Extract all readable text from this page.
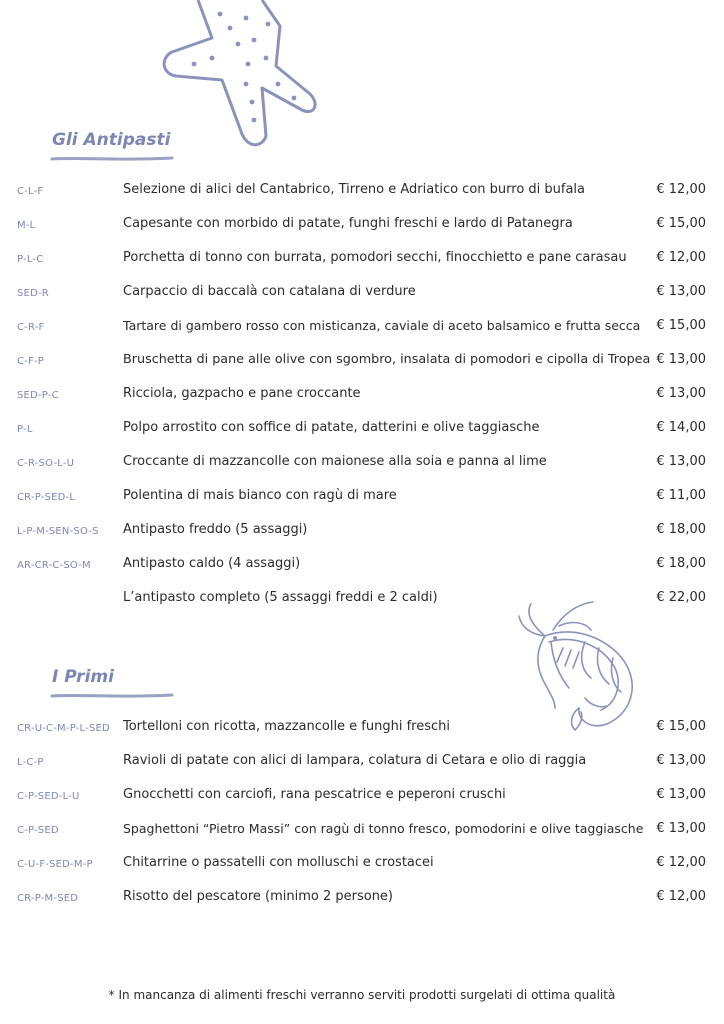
Gli Antipasti
C-L-F	Selezione di alici del Cantabrico, Tirreno e Adriatico con burro di bufala	€ 12,00
M-L	Capesante con morbido di patate, funghi freschi e lardo di Patanegra	€ 15,00
P-L-C	Porchetta di tonno con burrata, pomodori secchi, finocchietto e pane carasau € 12,00
SED-R	Carpaccio di baccalà con catalana di verdure	€ 13,00
C-R-F	Tartare di gambero rosso con misticanza, caviale di aceto balsamico e frutta secca € 15,00
C-F-P	Bruschetta di pane alle olive con sgombro, insalata di pomodori e cipolla di Tropea € 13,00
SED-P-C	Ricciola, gazpacho e pane croccante	€ 13,00
P-L	Polpo arrostito con soffice di patate, datterini e olive taggiasche	€ 14,00
C-R-SO-L-U	Croccante di mazzancolle con maionese alla soia e panna al lime	€ 13,00
CR-P-SED-L	Polentina di mais bianco con ragù di mare	€ 11,00
L-P-M-SEN-SO-S Antipasto freddo (5 assaggi)	€ 18,00
AR-CR-C-SO-M Antipasto caldo (4 assaggi)	€ 18,00
L’antipasto completo (5 assaggi freddi e 2 caldi)	€ 22,00
I Primi
CR-U-C-M-P-L-SED Tortelloni con ricotta, mazzancolle e funghi freschi	€ 15,00
L-C-P	Ravioli di patate con alici di lampara, colatura di Cetara e olio di raggia	€ 13,00
C-P-SED-L-U	Gnocchetti con carciofi, rana pescatrice e peperoni cruschi	€ 13,00
C-P-SED	Spaghettoni “Pietro Massi” con ragù di tonno fresco, pomodorini e olive taggiasche € 13,00
C-U-F-SED-M-P Chitarrine o passatelli con molluschi e crostacei	€ 12,00
CR-P-M-SED	Risotto del pescatore (minimo 2 persone)	€ 12,00

* In mancanza di alimenti freschi verranno serviti prodotti surgelati di ottima qualità
